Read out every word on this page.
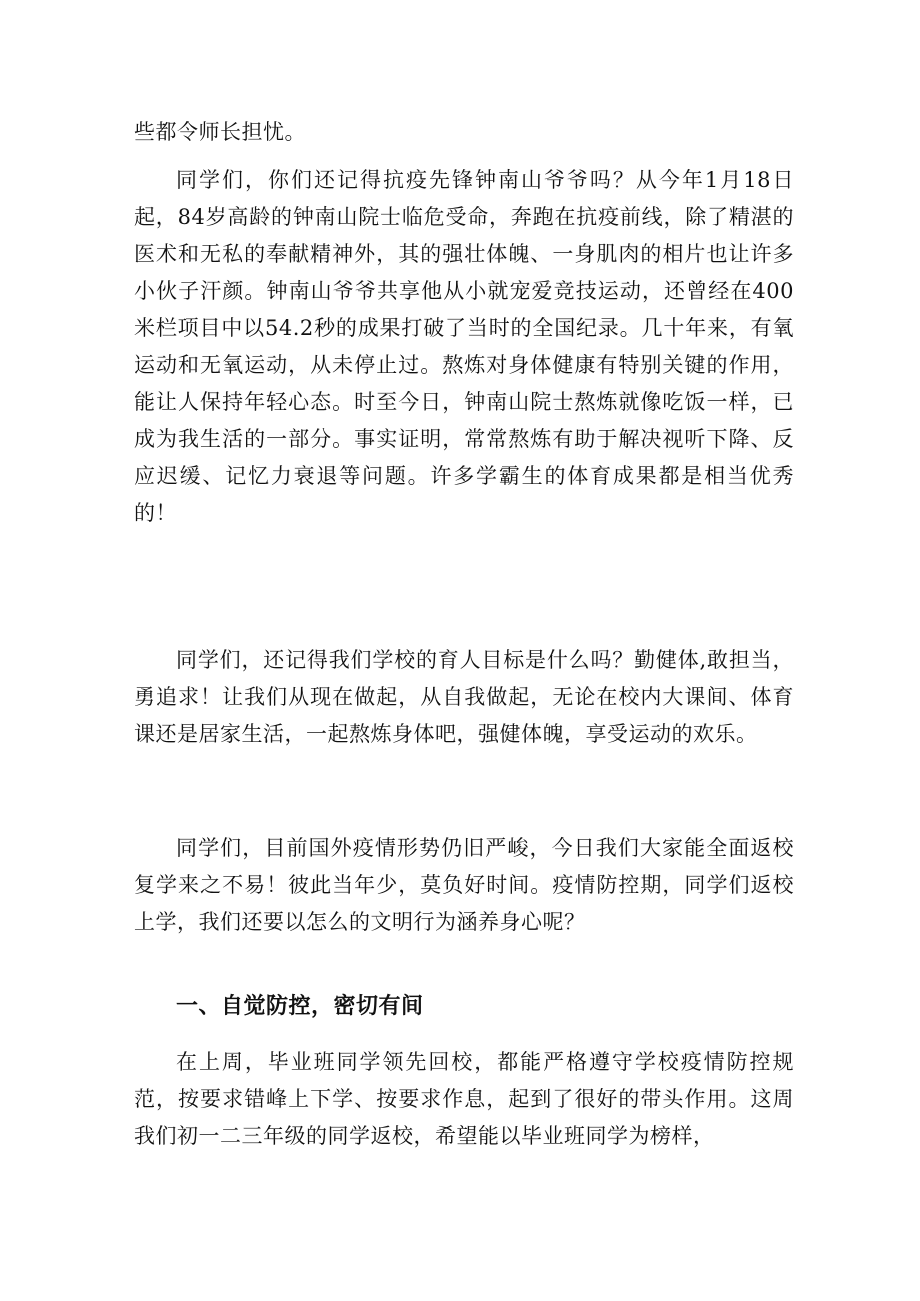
些都令师长担忧。

同学们，你们还记得抗疫先锋钟南山爷爷吗？从今年1月18日起，84岁高龄的钟南山院士临危受命，奔跑在抗疫前线，除了精湛的医术和无私的奉献精神外，其的强壮体魄、一身肌肉的相片也让许多小伙子汗颜。钟南山爷爷共享他从小就宠爱竞技运动，还曾经在400米栏项目中以54.2秒的成果打破了当时的全国纪录。几十年来，有氧运动和无氧运动，从未停止过。熬炼对身体健康有特别关键的作用，能让人保持年轻心态。时至今日，钟南山院士熬炼就像吃饭一样，已成为我生活的一部分。事实证明，常常熬炼有助于解决视听下降、反应迟缓、记忆力衰退等问题。许多学霸生的体育成果都是相当优秀的！

同学们，还记得我们学校的育人目标是什么吗？勤健体,敢担当，勇追求！让我们从现在做起，从自我做起，无论在校内大课间、体育课还是居家生活，一起熬炼身体吧，强健体魄，享受运动的欢乐。

同学们，目前国外疫情形势仍旧严峻，今日我们大家能全面返校复学来之不易！彼此当年少，莫负好时间。疫情防控期，同学们返校上学，我们还要以怎么的文明行为涵养身心呢？

一、自觉防控，密切有间

在上周，毕业班同学领先回校，都能严格遵守学校疫情防控规范，按要求错峰上下学、按要求作息，起到了很好的带头作用。这周我们初一二三年级的同学返校，希望能以毕业班同学为榜样，
